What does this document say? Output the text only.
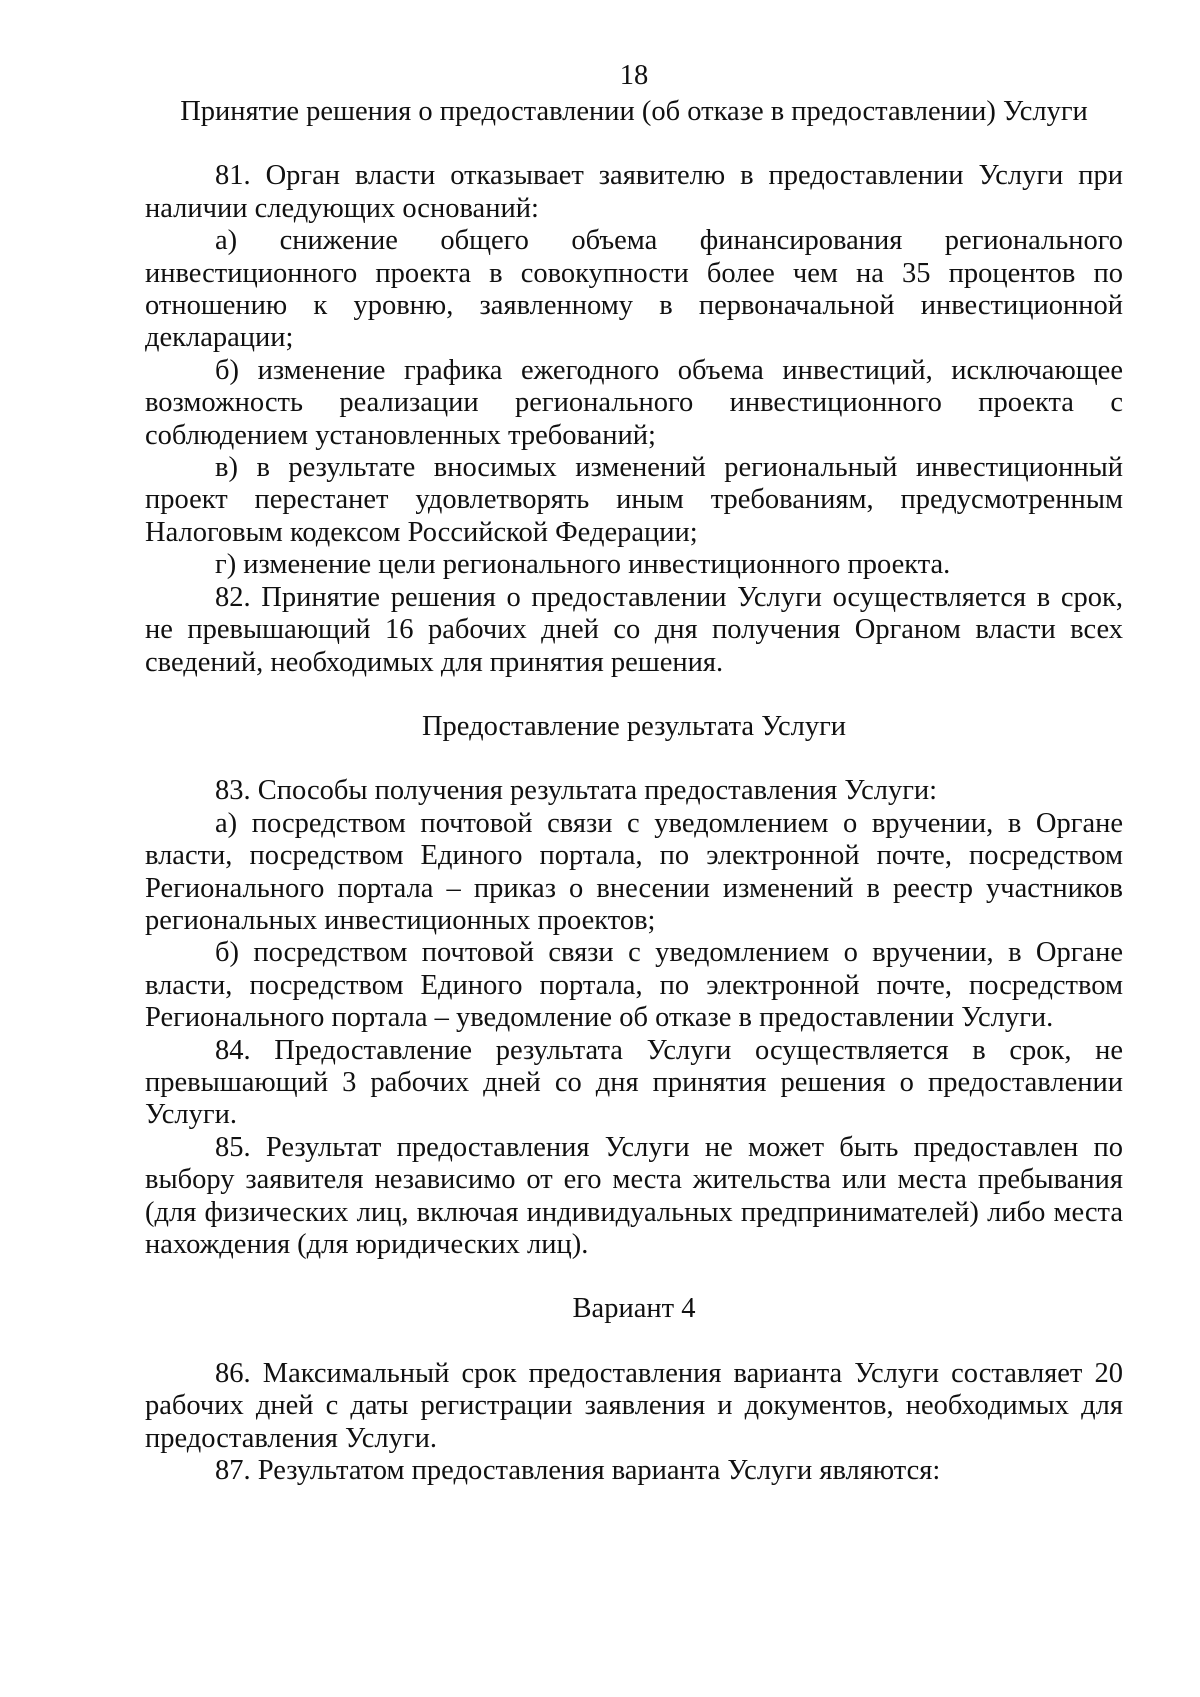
18

Принятие решения о предоставлении (об отказе в предоставлении) Услуги

81. Орган власти отказывает заявителю в предоставлении Услуги при наличии следующих оснований:

а) снижение общего объема финансирования регионального инвестиционного проекта в совокупности более чем на 35 процентов по отношению к уровню, заявленному в первоначальной инвестиционной декларации;

б) изменение графика ежегодного объема инвестиций, исключающее возможность реализации регионального инвестиционного проекта с соблюдением установленных требований;

в) в результате вносимых изменений региональный инвестиционный проект перестанет удовлетворять иным требованиям, предусмотренным Налоговым кодексом Российской Федерации;

г) изменение цели регионального инвестиционного проекта.

82. Принятие решения о предоставлении Услуги осуществляется в срок, не превышающий 16 рабочих дней со дня получения Органом власти всех сведений, необходимых для принятия решения.

Предоставление результата Услуги

83. Способы получения результата предоставления Услуги:

а) посредством почтовой связи с уведомлением о вручении, в Органе власти, посредством Единого портала, по электронной почте, посредством Регионального портала – приказ о внесении изменений в реестр участников региональных инвестиционных проектов;

б) посредством почтовой связи с уведомлением о вручении, в Органе власти, посредством Единого портала, по электронной почте, посредством Регионального портала – уведомление об отказе в предоставлении Услуги.

84. Предоставление результата Услуги осуществляется в срок, не превышающий 3 рабочих дней со дня принятия решения о предоставлении Услуги.

85. Результат предоставления Услуги не может быть предоставлен по выбору заявителя независимо от его места жительства или места пребывания (для физических лиц, включая индивидуальных предпринимателей) либо места нахождения (для юридических лиц).

Вариант 4

86. Максимальный срок предоставления варианта Услуги составляет 20 рабочих дней с даты регистрации заявления и документов, необходимых для предоставления Услуги.

87. Результатом предоставления варианта Услуги являются:
